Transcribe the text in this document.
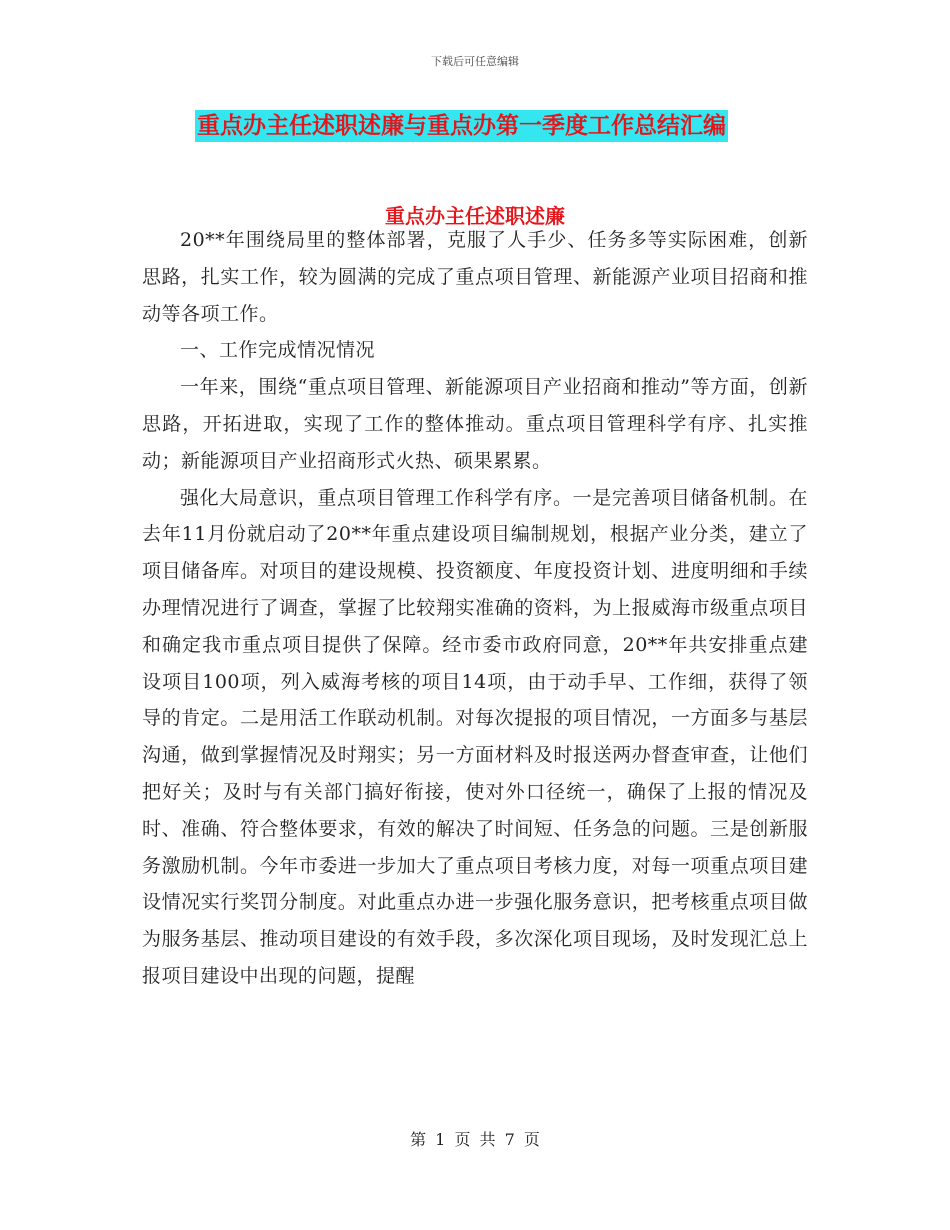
下载后可任意编辑
重点办主任述职述廉与重点办第一季度工作总结汇编
重点办主任述职述廉

20**年围绕局里的整体部署，克服了人手少、任务多等实际困难，创新思路，扎实工作，较为圆满的完成了重点项目管理、新能源产业项目招商和推动等各项工作。

一、工作完成情况情况

一年来，围绕“重点项目管理、新能源项目产业招商和推动”等方面，创新思路，开拓进取，实现了工作的整体推动。重点项目管理科学有序、扎实推动；新能源项目产业招商形式火热、硕果累累。

强化大局意识，重点项目管理工作科学有序。一是完善项目储备机制。在去年11月份就启动了20**年重点建设项目编制规划，根据产业分类，建立了项目储备库。对项目的建设规模、投资额度、年度投资计划、进度明细和手续办理情况进行了调查，掌握了比较翔实准确的资料，为上报威海市级重点项目和确定我市重点项目提供了保障。经市委市政府同意，20**年共安排重点建设项目100项，列入威海考核的项目14项，由于动手早、工作细，获得了领导的肯定。二是用活工作联动机制。对每次提报的项目情况，一方面多与基层沟通，做到掌握情况及时翔实；另一方面材料及时报送两办督查审查，让他们把好关；及时与有关部门搞好衔接，使对外口径统一，确保了上报的情况及时、准确、符合整体要求，有效的解决了时间短、任务急的问题。三是创新服务激励机制。今年市委进一步加大了重点项目考核力度，对每一项重点项目建设情况实行奖罚分制度。对此重点办进一步强化服务意识，把考核重点项目做为服务基层、推动项目建设的有效手段，多次深化项目现场，及时发现汇总上报项目建设中出现的问题，提醒

第 1 页 共 7 页
